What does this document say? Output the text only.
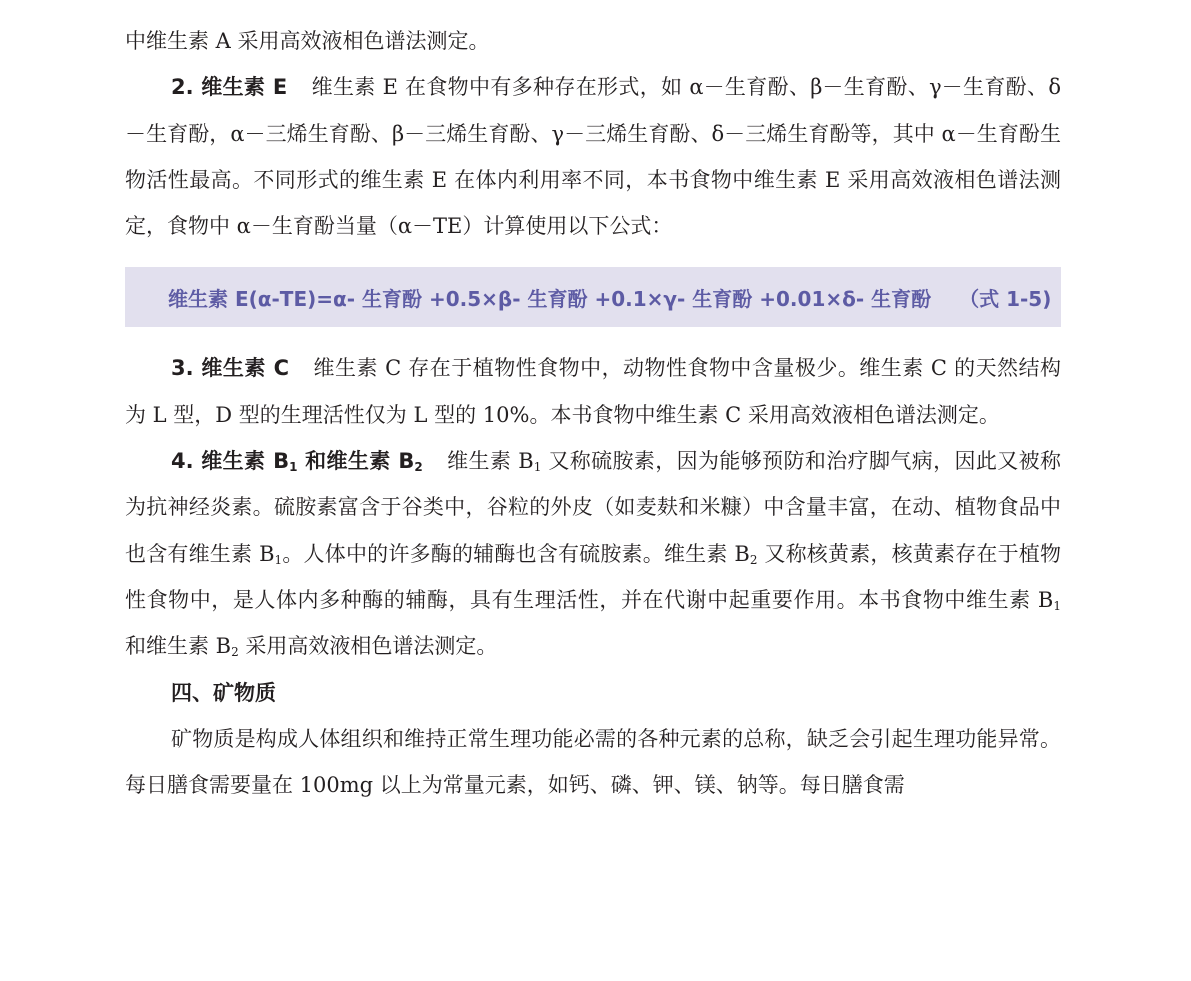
中维生素 A 采用高效液相色谱法测定。

2. 维生素 E 维生素 E 在食物中有多种存在形式，如 α－生育酚、β－生育酚、γ－生育酚、δ－生育酚，α－三烯生育酚、β－三烯生育酚、γ－三烯生育酚、δ－三烯生育酚等，其中 α－生育酚生物活性最高。不同形式的维生素 E 在体内利用率不同，本书食物中维生素 E 采用高效液相色谱法测定，食物中 α－生育酚当量（α－TE）计算使用以下公式：

维生素 E(α-TE)=α- 生育酚 +0.5×β- 生育酚 +0.1×γ- 生育酚 +0.01×δ- 生育酚 （式 1-5)

3. 维生素 C 维生素 C 存在于植物性食物中，动物性食物中含量极少。维生素 C 的天然结构为 L 型，D 型的生理活性仅为 L 型的 10%。本书食物中维生素 C 采用高效液相色谱法测定。

4. 维生素 $B_1$ 和维生素 $B_2$ 维生素 $B_1$ 又称硫胺素，因为能够预防和治疗脚气病，因此又被称为抗神经炎素。硫胺素富含于谷类中，谷粒的外皮（如麦麸和米糠）中含量丰富，在动、植物食品中也含有维生素 $B_1$。人体中的许多酶的辅酶也含有硫胺素。维生素 $B_2$ 又称核黄素，核黄素存在于植物性食物中，是人体内多种酶的辅酶，具有生理活性，并在代谢中起重要作用。本书食物中维生素 $B_1$ 和维生素 $B_2$ 采用高效液相色谱法测定。

四、矿物质

矿物质是构成人体组织和维持正常生理功能必需的各种元素的总称，缺乏会引起生理功能异常。每日膳食需要量在 100mg 以上为常量元素，如钙、磷、钾、镁、钠等。每日膳食需
